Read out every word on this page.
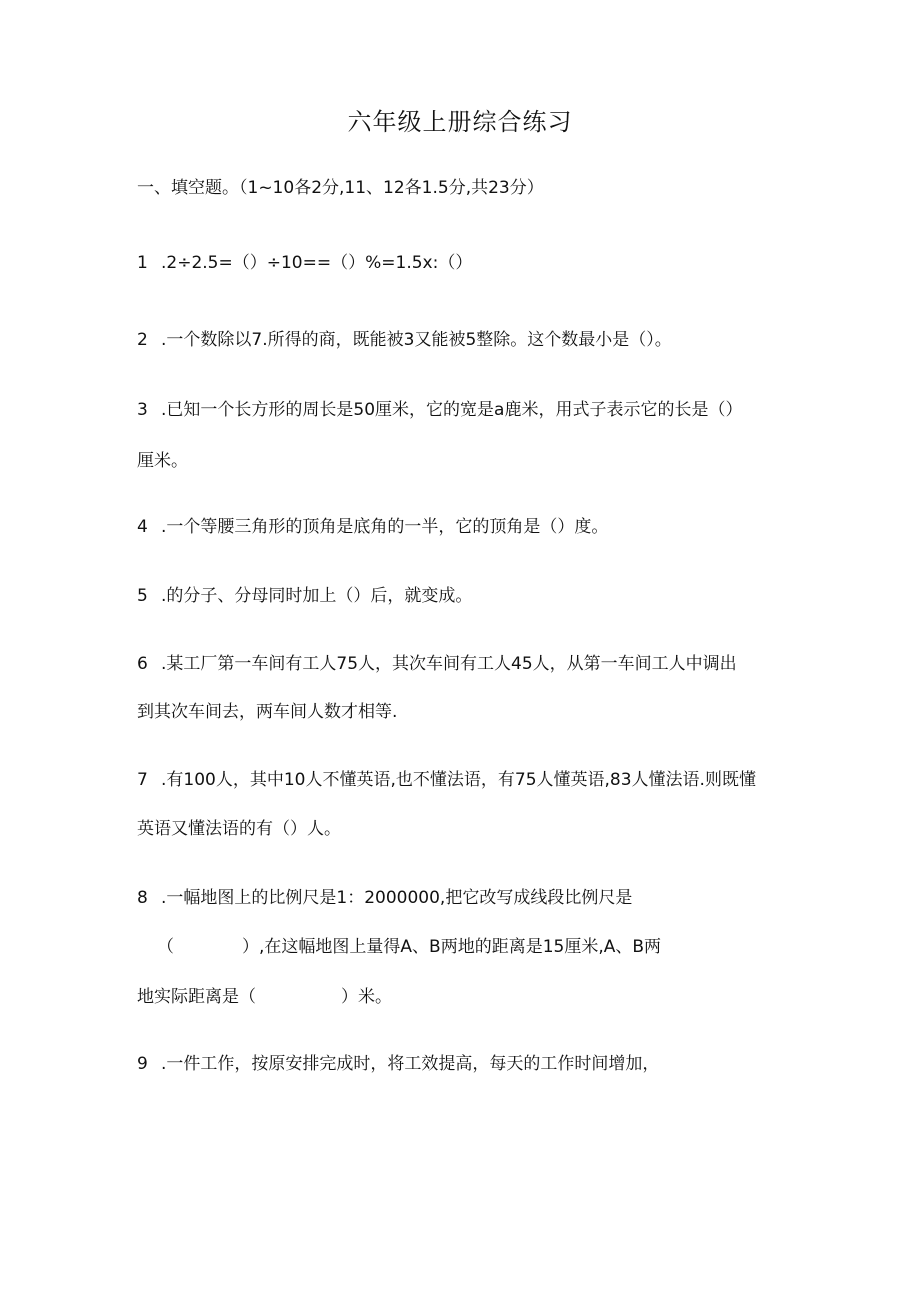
六年级上册综合练习
一、填空题。（1~10各2分,11、12各1.5分,共23分）
1 .2÷2.5=（）÷10==（）%=1.5x:（）
2 .一个数除以7.所得的商，既能被3又能被5整除。这个数最小是（）。
3 .已知一个长方形的周长是50厘米，它的宽是a鹿米，用式子表示它的长是（）
厘米。
4 .一个等腰三角形的顶角是底角的一半，它的顶角是（）度。
5 .的分子、分母同时加上（）后，就变成。
6 .某工厂第一车间有工人75人，其次车间有工人45人，从第一车间工人中调出
到其次车间去，两车间人数才相等.
7 .有100人，其中10人不懂英语,也不懂法语，有75人懂英语,83人懂法语.则既懂
英语又懂法语的有（）人。
8 .一幅地图上的比例尺是1：2000000,把它改写成线段比例尺是
（　　　　）,在这幅地图上量得A、B两地的距离是15厘米,A、B两
地实际距离是（　　　　　）米。
9 .一件工作，按原安排完成时，将工效提高，每天的工作时间增加，
